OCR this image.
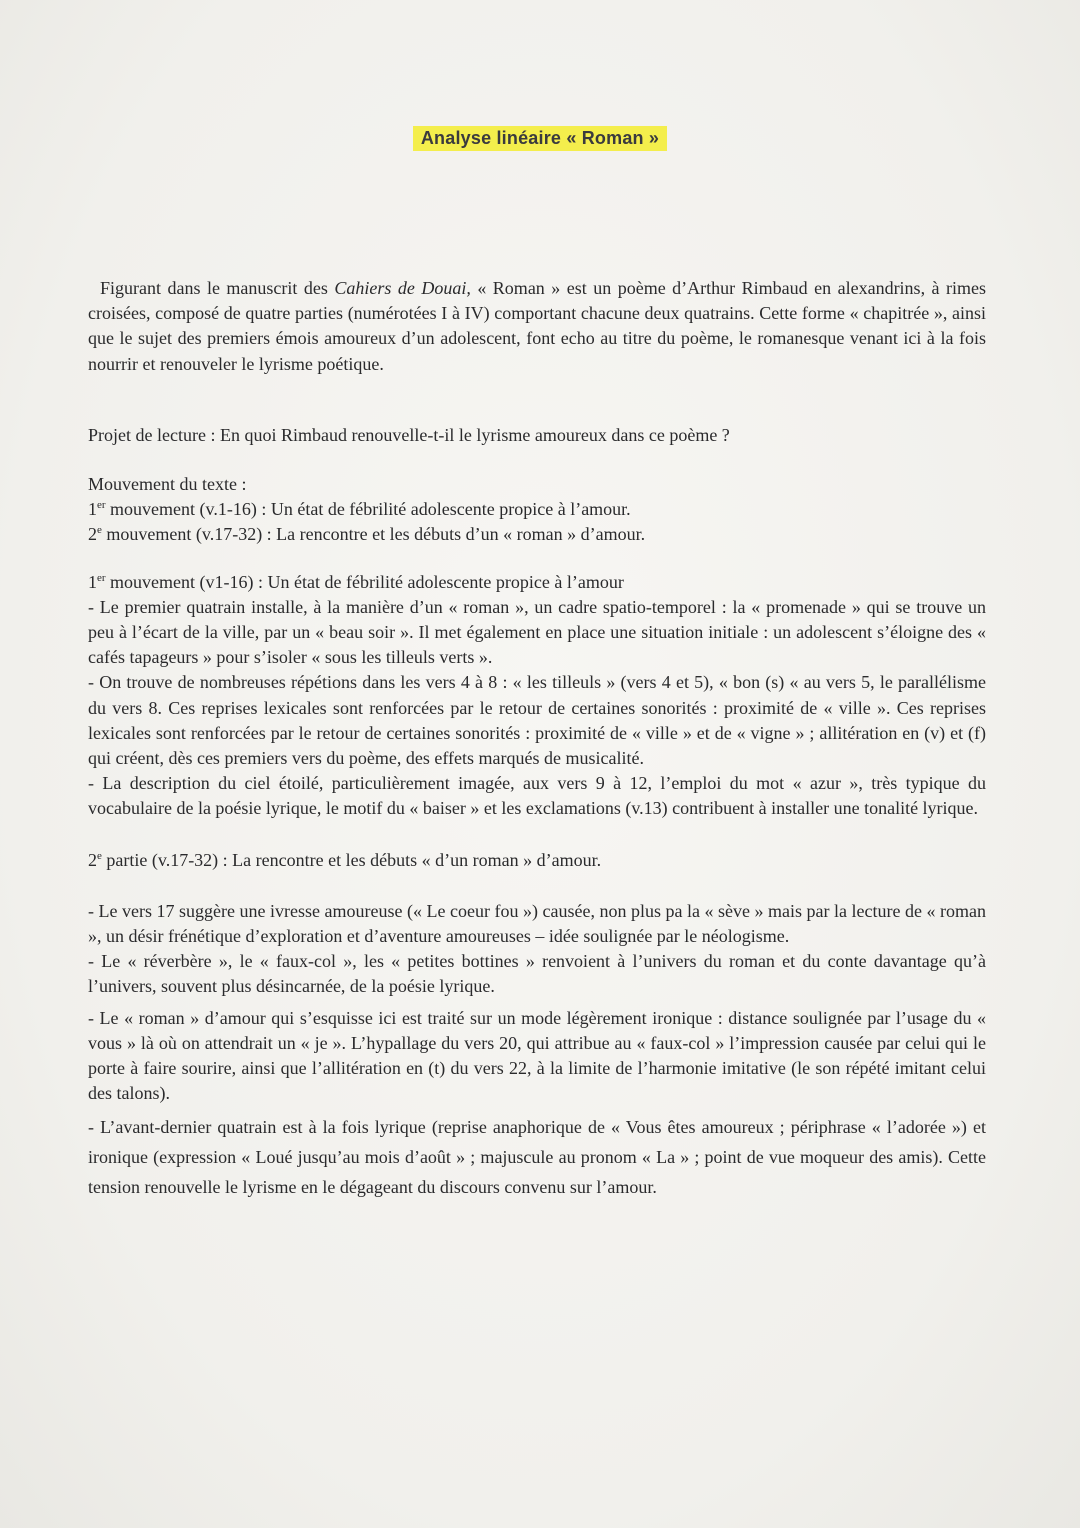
Analyse linéaire « Roman »

Figurant dans le manuscrit des Cahiers de Douai, « Roman » est un poème d’Arthur Rimbaud en alexandrins, à rimes croisées, composé de quatre parties (numérotées I à IV) comportant chacune deux quatrains. Cette forme « chapitrée », ainsi que le sujet des premiers émois amoureux d’un adolescent, font echo au titre du poème, le romanesque venant ici à la fois nourrir et renouveler le lyrisme poétique.

Projet de lecture : En quoi Rimbaud renouvelle-t-il le lyrisme amoureux dans ce poème ?

Mouvement du texte :

1er mouvement (v.1-16) : Un état de fébrilité adolescente propice à l’amour.

2e mouvement (v.17-32) : La rencontre et les débuts d’un « roman » d’amour.

1er mouvement (v1-16) : Un état de fébrilité adolescente propice à l’amour

- Le premier quatrain installe, à la manière d’un « roman », un cadre spatio-temporel : la « promenade » qui se trouve un peu à l’écart de la ville, par un « beau soir ». Il met également en place une situation initiale : un adolescent s’éloigne des « cafés tapageurs » pour s’isoler « sous les tilleuls verts ».

- On trouve de nombreuses répétions dans les vers 4 à 8 : « les tilleuls » (vers 4 et 5), « bon (s) « au vers 5, le parallélisme du vers 8. Ces reprises lexicales sont renforcées par le retour de certaines sonorités : proximité de « ville ». Ces reprises lexicales sont renforcées par le retour de certaines sonorités : proximité de « ville » et de « vigne » ; allitération en (v) et (f) qui créent, dès ces premiers vers du poème, des effets marqués de musicalité.

- La description du ciel étoilé, particulièrement imagée, aux vers 9 à 12, l’emploi du mot « azur », très typique du vocabulaire de la poésie lyrique, le motif du « baiser » et les exclamations (v.13) contribuent à installer une tonalité lyrique.

2e partie (v.17-32) : La rencontre et les débuts « d’un roman » d’amour.

- Le vers 17 suggère une ivresse amoureuse (« Le coeur fou ») causée, non plus pa la « sève » mais par la lecture de « roman », un désir frénétique d’exploration et d’aventure amoureuses – idée soulignée par le néologisme.

- Le « réverbère », le « faux-col », les « petites bottines » renvoient à l’univers du roman et du conte davantage qu’à l’univers, souvent plus désincarnée, de la poésie lyrique.

- Le « roman » d’amour qui s’esquisse ici est traité sur un mode légèrement ironique : distance soulignée par l’usage du « vous » là où on attendrait un « je ». L’hypallage du vers 20, qui attribue au « faux-col » l’impression causée par celui qui le porte à faire sourire, ainsi que l’allitération en (t) du vers 22, à la limite de l’harmonie imitative (le son répété imitant celui des talons).

- L’avant-dernier quatrain est à la fois lyrique (reprise anaphorique de « Vous êtes amoureux ; périphrase « l’adorée ») et ironique (expression « Loué jusqu’au mois d’août » ; majuscule au pronom « La » ; point de vue moqueur des amis). Cette tension renouvelle le lyrisme en le dégageant du discours convenu sur l’amour.
